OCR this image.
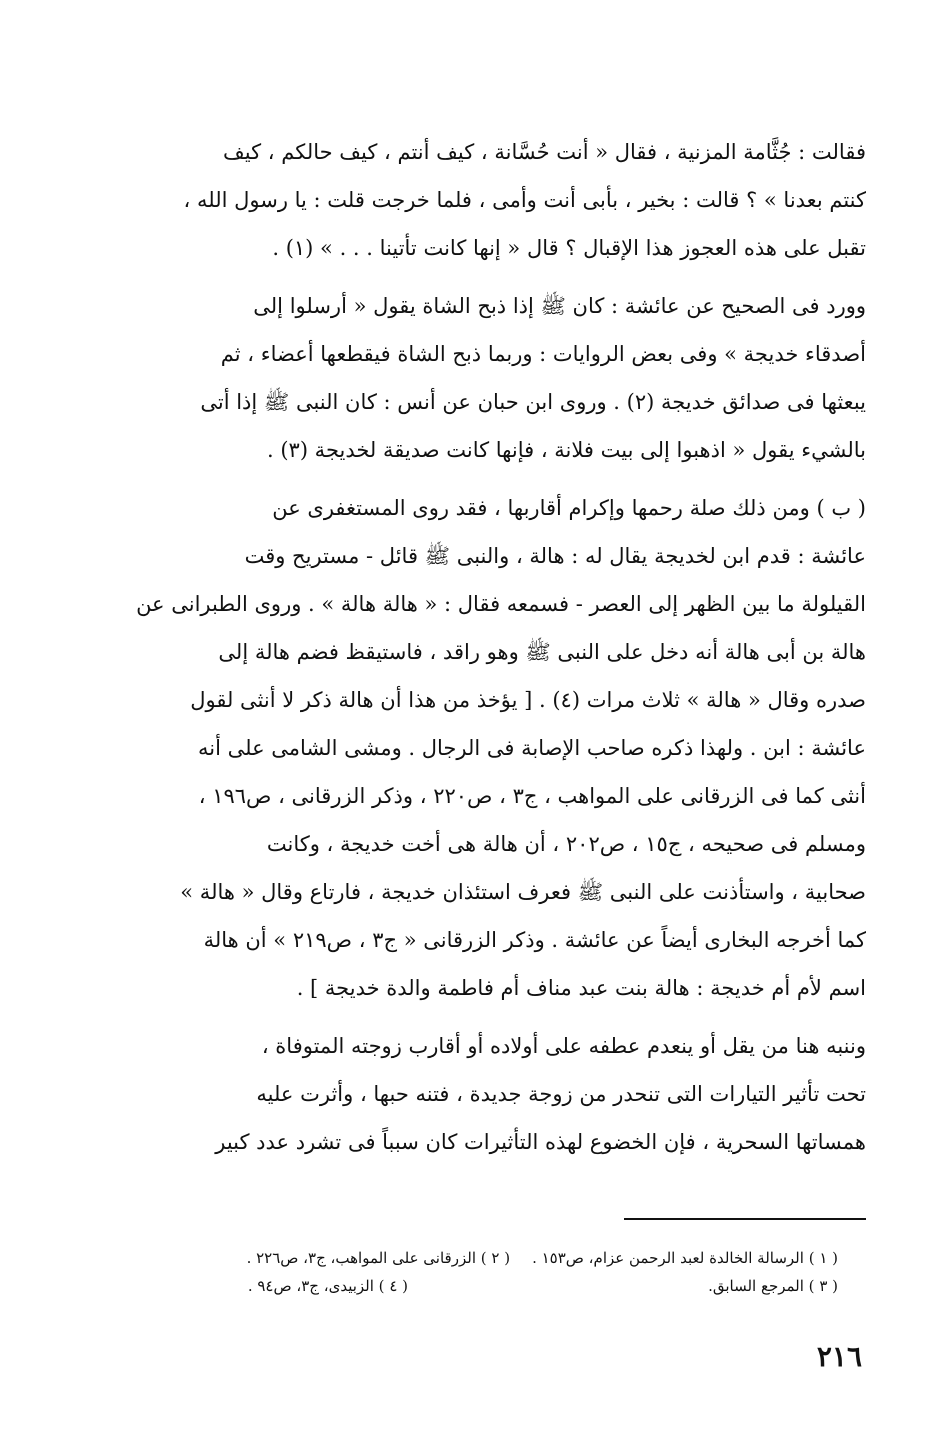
فقالت : جُثَّامة المزنية ، فقال « أنت حُسَّانة ، كيف أنتم ، كيف حالكم ، كيف

كنتم بعدنا » ؟ قالت : بخير ، بأبى أنت وأمى ، فلما خرجت قلت : يا رسول الله ،

تقبل على هذه العجوز هذا الإقبال ؟ قال « إنها كانت تأتينا . . . » (١) .

وورد فى الصحيح عن عائشة : كان ﷺ إذا ذبح الشاة يقول « أرسلوا إلى

أصدقاء خديجة » وفى بعض الروايات : وربما ذبح الشاة فيقطعها أعضاء ، ثم

يبعثها فى صدائق خديجة (٢) . وروى ابن حبان عن أنس : كان النبى ﷺ إذا أتى

بالشيء يقول « اذهبوا إلى بيت فلانة ، فإنها كانت صديقة لخديجة (٣) .

( ب ) ومن ذلك صلة رحمها وإكرام أقاربها ، فقد روى المستغفرى عن

عائشة : قدم ابن لخديجة يقال له : هالة ، والنبى ﷺ قائل - مستريح وقت

القيلولة ما بين الظهر إلى العصر - فسمعه فقال : « هالة هالة » . وروى الطبرانى عن

هالة بن أبى هالة أنه دخل على النبى ﷺ وهو راقد ، فاستيقظ فضم هالة إلى

صدره وقال « هالة » ثلاث مرات (٤) . [ يؤخذ من هذا أن هالة ذكر لا أنثى لقول

عائشة : ابن . ولهذا ذكره صاحب الإصابة فى الرجال . ومشى الشامى على أنه

أنثى كما فى الزرقانى على المواهب ، ج٣ ، ص٢٢٠ ، وذكر الزرقانى ، ص١٩٦ ،

ومسلم فى صحيحه ، ج١٥ ، ص٢٠٢ ، أن هالة هى أخت خديجة ، وكانت

صحابية ، واستأذنت على النبى ﷺ فعرف استئذان خديجة ، فارتاع وقال « هالة »

كما أخرجه البخارى أيضاً عن عائشة . وذكر الزرقانى « ج٣ ، ص٢١٩ » أن هالة

اسم لأم أم خديجة : هالة بنت عبد مناف أم فاطمة والدة خديجة ] .

وننبه هنا من يقل أو ينعدم عطفه على أولاده أو أقارب زوجته المتوفاة ،

تحت تأثير التيارات التى تنحدر من زوجة جديدة ، فتنه حبها ، وأثرت عليه

همساتها السحرية ، فإن الخضوع لهذه التأثيرات كان سبباً فى تشرد عدد كبير

( ١ ) الرسالة الخالدة لعبد الرحمن عزام، ص١٥٣ .
( ٢ ) الزرقانى على المواهب، ج٣، ص٢٢٦ .
( ٣ ) المرجع السابق.
( ٤ ) الزبيدى، ج٣، ص٩٤ .
٢١٦
